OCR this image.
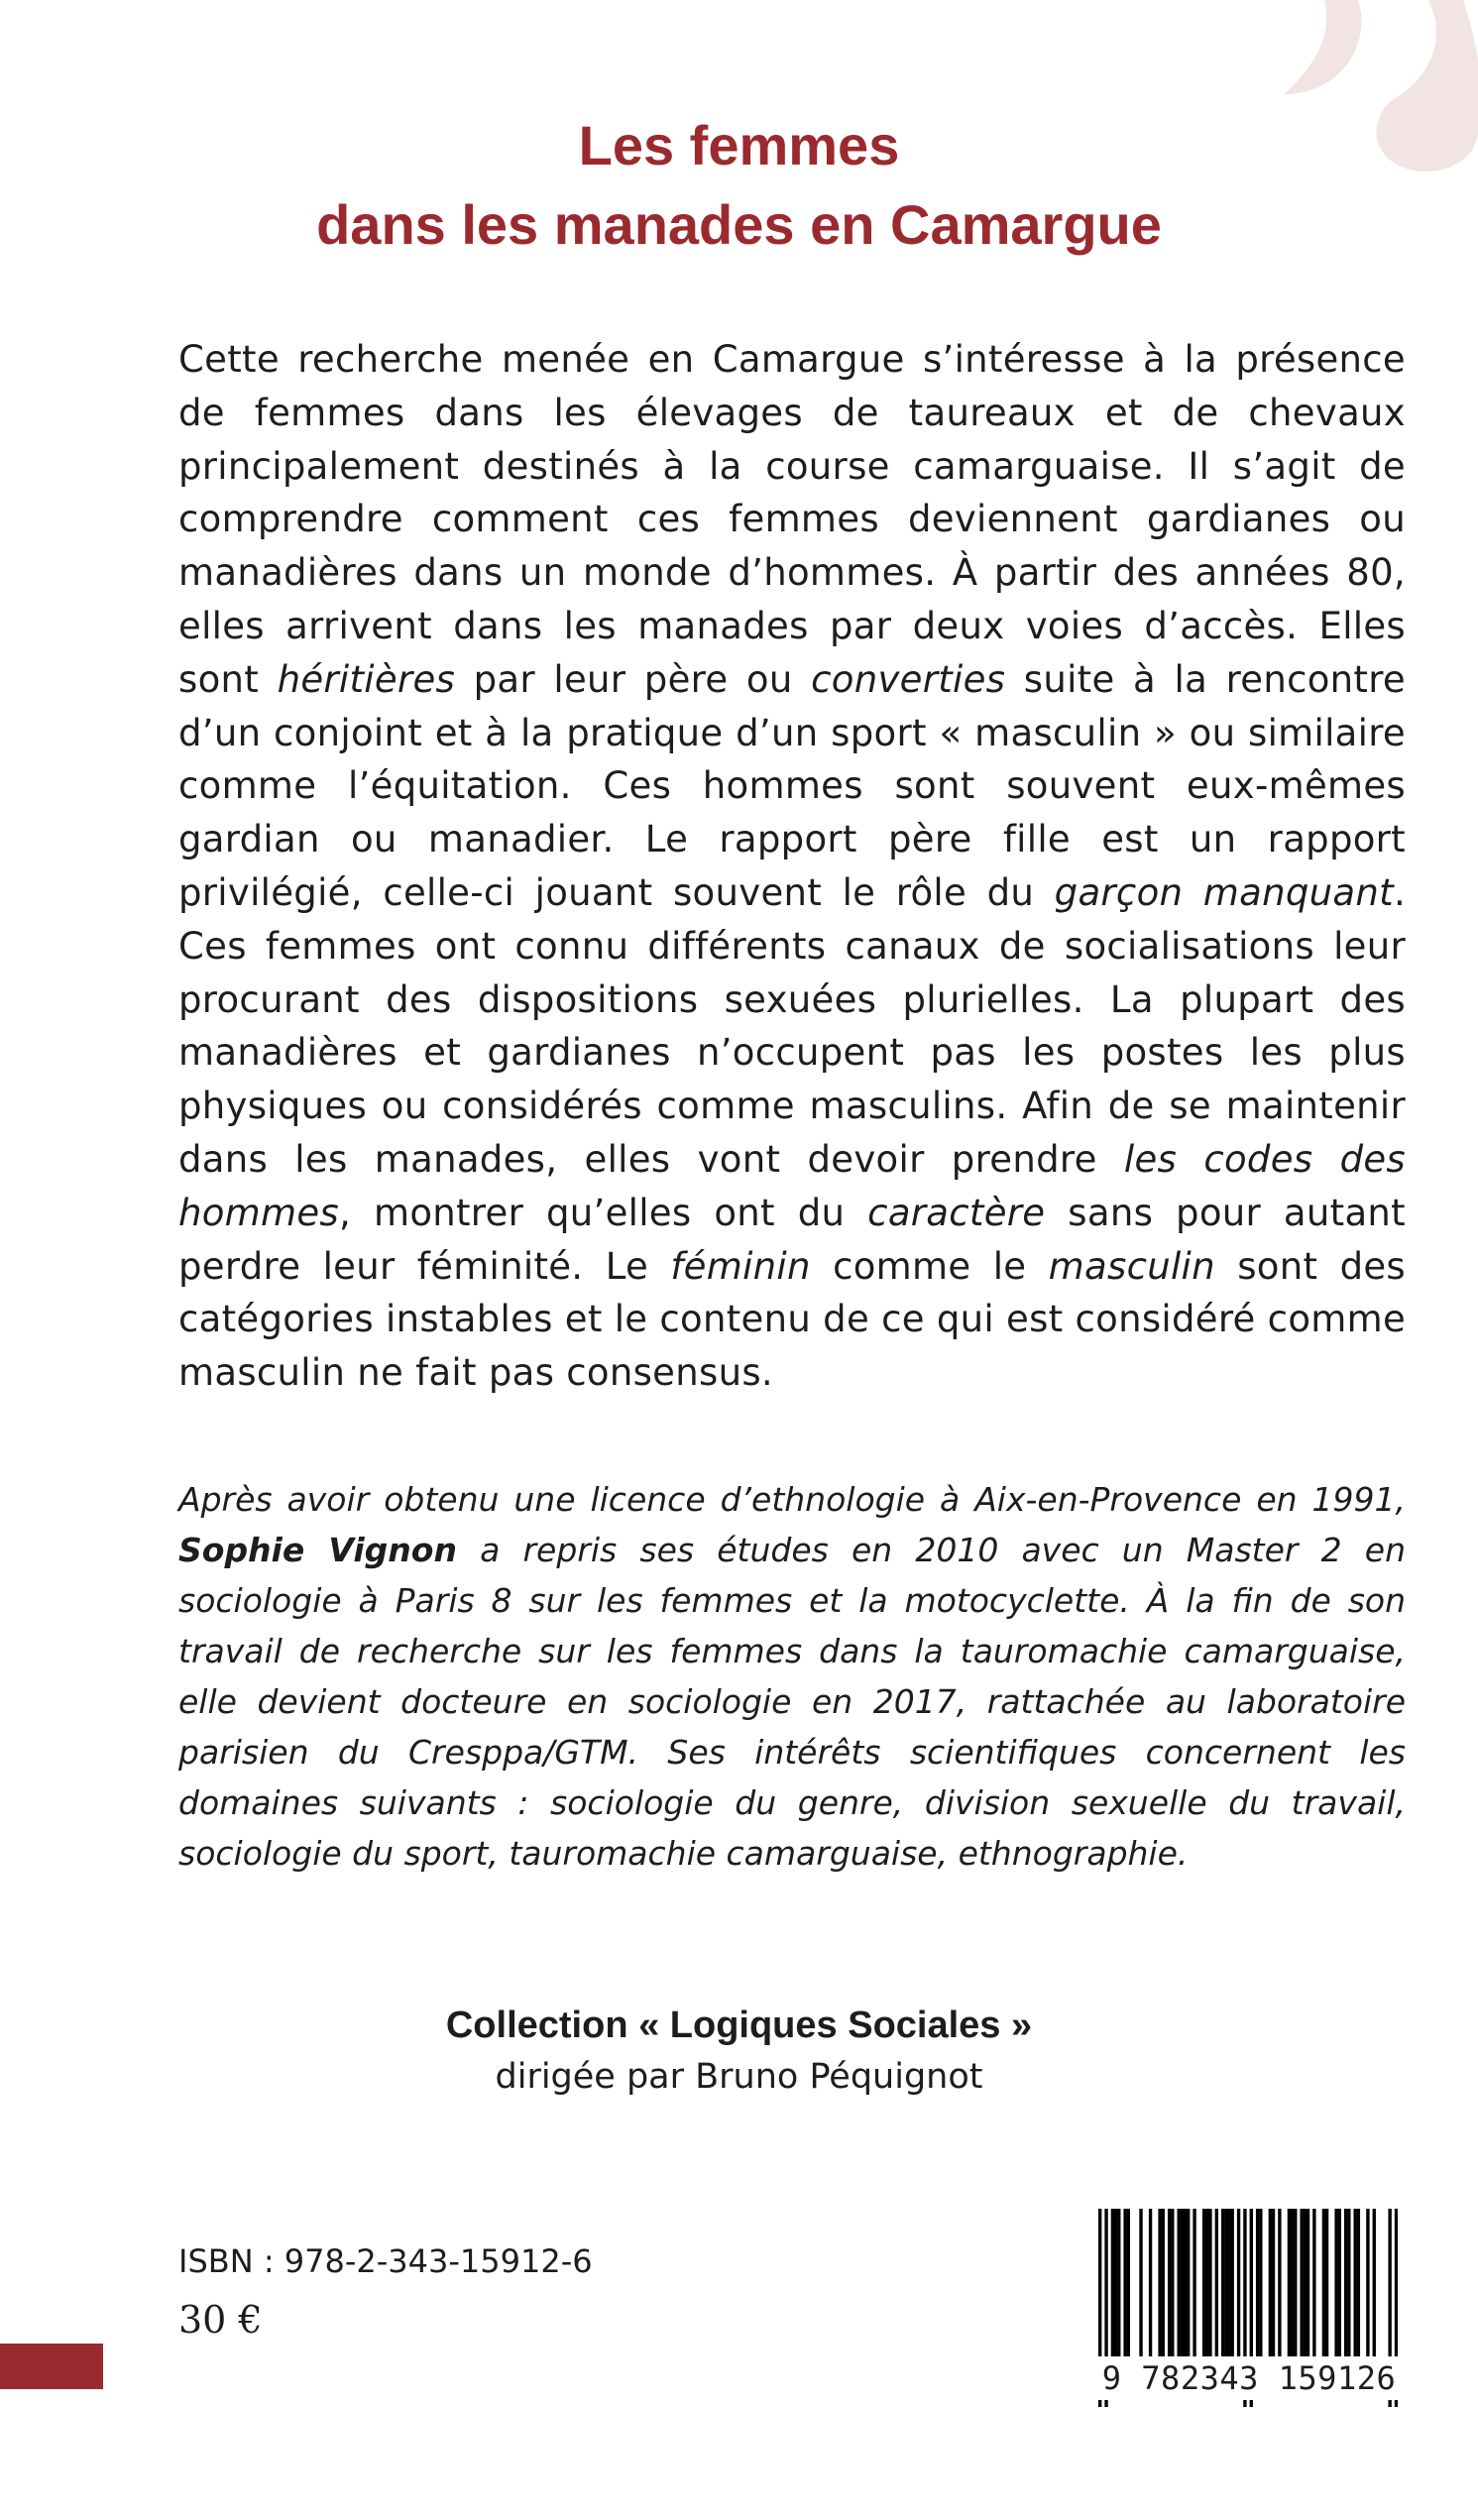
Les femmes
dans les manades en Camargue

Cette recherche menée en Camargue s’intéresse à la présence de femmes dans les élevages de taureaux et de chevaux principalement destinés à la course camarguaise. Il s’agit de comprendre comment ces femmes deviennent gardianes ou manadières dans un monde d’hommes. À partir des années 80, elles arrivent dans les manades par deux voies d’accès. Elles sont héritières par leur père ou converties suite à la rencontre d’un conjoint et à la pratique d’un sport « masculin » ou similaire comme l’équitation. Ces hommes sont souvent eux-mêmes gardian ou manadier. Le rapport père fille est un rapport privilégié, celle-ci jouant souvent le rôle du garçon manquant. Ces femmes ont connu différents canaux de socialisations leur procurant des dispositions sexuées plurielles. La plupart des manadières et gardianes n’occupent pas les postes les plus physiques ou considérés comme masculins. Afin de se maintenir dans les manades, elles vont devoir prendre les codes des hommes, montrer qu’elles ont du caractère sans pour autant perdre leur féminité. Le féminin comme le masculin sont des catégories instables et le contenu de ce qui est considéré comme masculin ne fait pas consensus.

Après avoir obtenu une licence d’ethnologie à Aix-en-Provence en 1991, Sophie Vignon a repris ses études en 2010 avec un Master 2 en sociologie à Paris 8 sur les femmes et la motocyclette. À la fin de son travail de recherche sur les femmes dans la tauromachie camarguaise, elle devient docteure en sociologie en 2017, rattachée au laboratoire parisien du Cresppa/GTM. Ses intérêts scientifiques concernent les domaines suivants : sociologie du genre, division sexuelle du travail, sociologie du sport, tauromachie camarguaise, ethnographie.
Collection « Logiques Sociales »
dirigée par Bruno Péquignot
ISBN : 978-2-343-15912-6
30 €
9 782343 159126
